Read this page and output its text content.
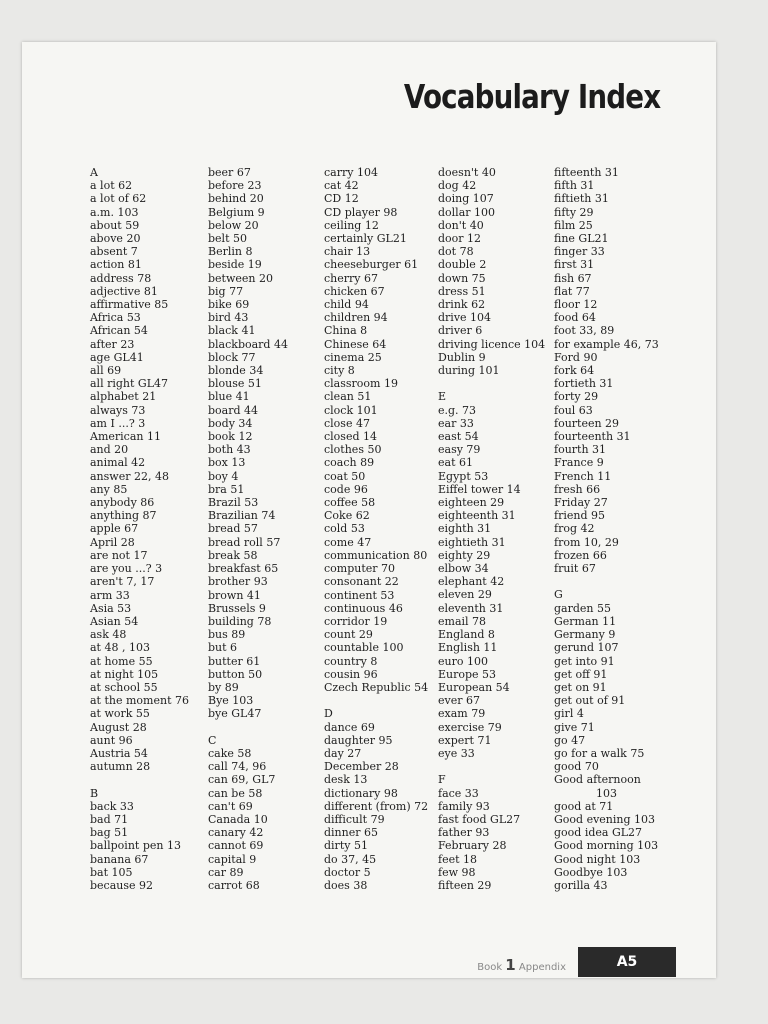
Vocabulary Index
A
a lot 62
a lot of 62
a.m. 103
about 59
above 20
absent 7
action 81
address 78
adjective 81
affirmative 85
Africa 53
African 54
after 23
age GL41
all 69
all right GL47
alphabet 21
always 73
am I ...? 3
American 11
and 20
animal 42
answer 22, 48
any 85
anybody 86
anything 87
apple 67
April 28
are not 17
are you ...? 3
aren't 7, 17
arm 33
Asia 53
Asian 54
ask 48
at 48 , 103
at home 55
at night 105
at school 55
at the moment 76
at work 55
August 28
aunt 96
Austria 54
autumn 28
B
back 33
bad 71
bag 51
ballpoint pen 13
banana 67
bat 105
because 92
beer 67
before 23
behind 20
Belgium 9
below 20
belt 50
Berlin 8
beside 19
between 20
big 77
bike 69
bird 43
black 41
blackboard 44
block 77
blonde 34
blouse 51
blue 41
board 44
body 34
book 12
both 43
box 13
boy 4
bra 51
Brazil 53
Brazilian 74
bread 57
bread roll 57
break 58
breakfast 65
brother 93
brown 41
Brussels 9
building 78
bus 89
but 6
butter 61
button 50
by 89
Bye 103
bye GL47
C
cake 58
call 74, 96
can 69, GL7
can be 58
can't 69
Canada 10
canary 42
cannot 69
capital 9
car 89
carrot 68
carry 104
cat 42
CD 12
CD player 98
ceiling 12
certainly GL21
chair 13
cheeseburger 61
cherry 67
chicken 67
child 94
children 94
China 8
Chinese 64
cinema 25
city 8
classroom 19
clean 51
clock 101
close 47
closed 14
clothes 50
coach 89
coat 50
code 96
coffee 58
Coke 62
cold 53
come 47
communication 80
computer 70
consonant 22
continent 53
continuous 46
corridor 19
count 29
countable 100
country 8
cousin 96
Czech Republic 54
D
dance 69
daughter 95
day 27
December 28
desk 13
dictionary 98
different (from) 72
difficult 79
dinner 65
dirty 51
do 37, 45
doctor 5
does 38
doesn't 40
dog 42
doing 107
dollar 100
don't 40
door 12
dot 78
double 2
down 75
dress 51
drink 62
drive 104
driver 6
driving licence 104
Dublin 9
during 101
E
e.g. 73
ear 33
east 54
easy 79
eat 61
Egypt 53
Eiffel tower 14
eighteen 29
eighteenth 31
eighth 31
eightieth 31
eighty 29
elbow 34
elephant 42
eleven 29
eleventh 31
email 78
England 8
English 11
euro 100
Europe 53
European 54
ever 67
exam 79
exercise 79
expert 71
eye 33
F
face 33
family 93
fast food GL27
father 93
February 28
feet 18
few 98
fifteen 29
fifteenth 31
fifth 31
fiftieth 31
fifty 29
film 25
fine GL21
finger 33
first 31
fish 67
flat 77
floor 12
food 64
foot 33, 89
for example 46, 73
Ford 90
fork 64
fortieth 31
forty 29
foul 63
fourteen 29
fourteenth 31
fourth 31
France 9
French 11
fresh 66
Friday 27
friend 95
frog 42
from 10, 29
frozen 66
fruit 67
G
garden 55
German 11
Germany 9
gerund 107
get into 91
get off 91
get on 91
get out of 91
girl 4
give 71
go 47
go for a walk 75
good 70
Good afternoon
103
good at 71
Good evening 103
good idea GL27
Good morning 103
Good night 103
Goodbye 103
gorilla 43
Book 1 Appendix	A5
